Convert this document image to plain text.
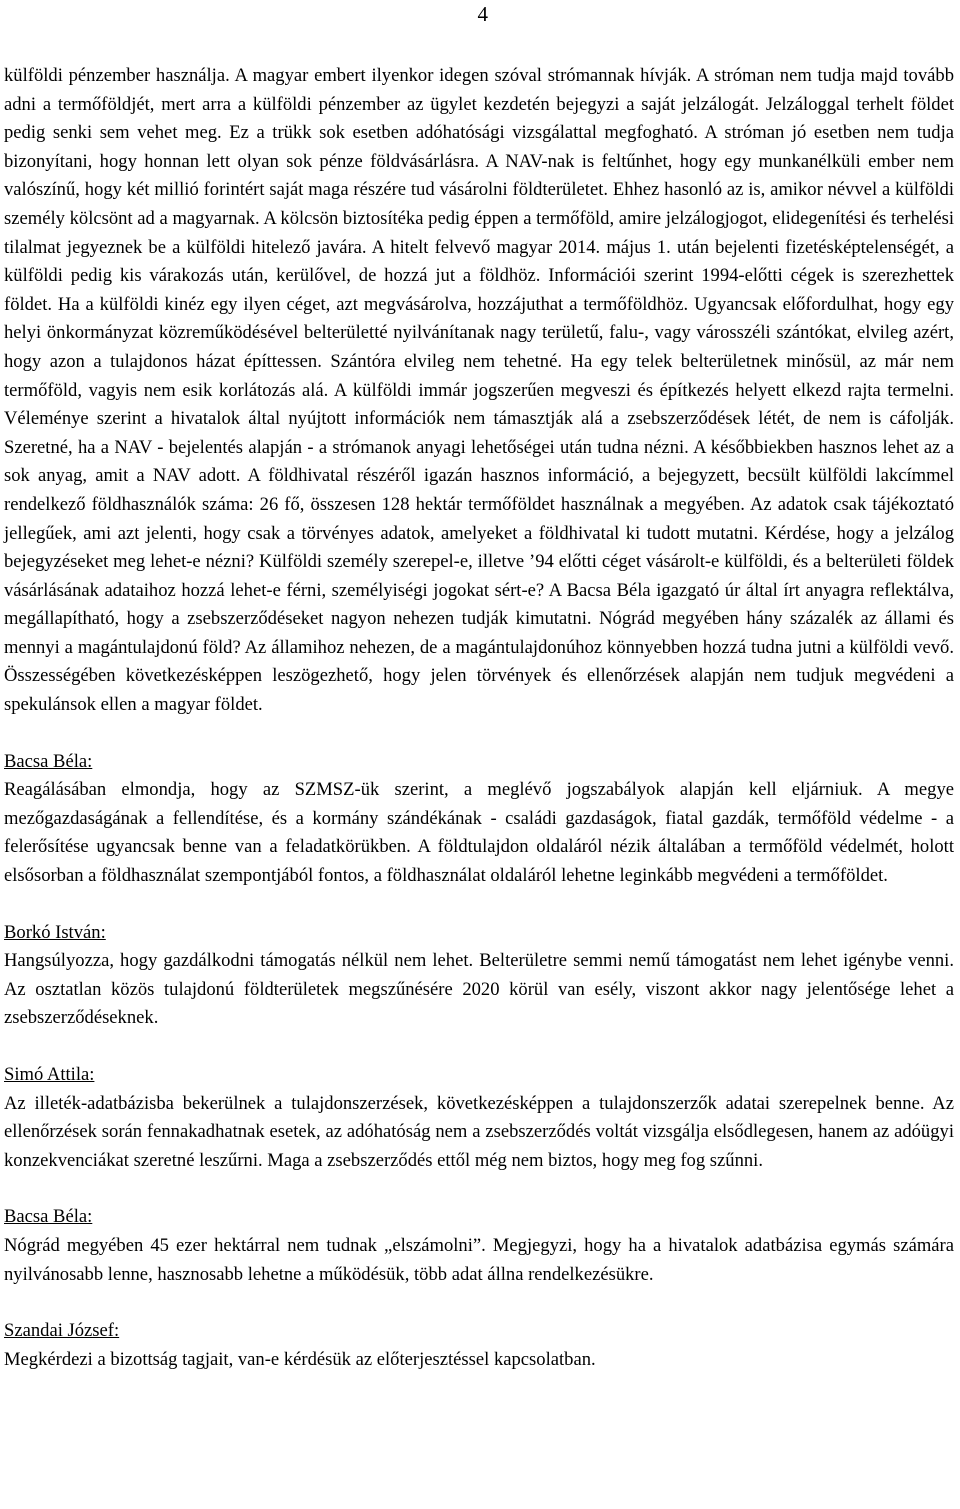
4

külföldi pénzember használja. A magyar embert ilyenkor idegen szóval strómannak hívják. A stróman nem tudja majd tovább adni a termőföldjét, mert arra a külföldi pénzember az ügylet kezdetén bejegyzi a saját jelzálogát. Jelzáloggal terhelt földet pedig senki sem vehet meg. Ez a trükk sok esetben adóhatósági vizsgálattal megfogható. A stróman jó esetben nem tudja bizonyítani, hogy honnan lett olyan sok pénze földvásárlásra. A NAV-nak is feltűnhet, hogy egy munkanélküli ember nem valószínű, hogy két millió forintért saját maga részére tud vásárolni földterületet. Ehhez hasonló az is, amikor névvel a külföldi személy kölcsönt ad a magyarnak. A kölcsön biztosítéka pedig éppen a termőföld, amire jelzálogjogot, elidegenítési és terhelési tilalmat jegyeznek be a külföldi hitelező javára. A hitelt felvevő magyar 2014. május 1. után bejelenti fizetésképtelenségét, a külföldi pedig kis várakozás után, kerülővel, de hozzá jut a földhöz. Információi szerint 1994-előtti cégek is szerezhettek földet. Ha a külföldi kinéz egy ilyen céget, azt megvásárolva, hozzájuthat a termőföldhöz. Ugyancsak előfordulhat, hogy egy helyi önkormányzat közreműködésével belterületté nyilvánítanak nagy területű, falu-, vagy városszéli szántókat, elvileg azért, hogy azon a tulajdonos házat építtessen. Szántóra elvileg nem tehetné. Ha egy telek belterületnek minősül, az már nem termőföld, vagyis nem esik korlátozás alá. A külföldi immár jogszerűen megveszi és építkezés helyett elkezd rajta termelni. Véleménye szerint a hivatalok által nyújtott információk nem támasztják alá a zsebszerződések létét, de nem is cáfolják. Szeretné, ha a NAV - bejelentés alapján - a strómanok anyagi lehetőségei után tudna nézni. A későbbiekben hasznos lehet az a sok anyag, amit a NAV adott. A földhivatal részéről igazán hasznos információ, a bejegyzett, becsült külföldi lakcímmel rendelkező földhasználók száma: 26 fő, összesen 128 hektár termőföldet használnak a megyében. Az adatok csak tájékoztató jellegűek, ami azt jelenti, hogy csak a törvényes adatok, amelyeket a földhivatal ki tudott mutatni. Kérdése, hogy a jelzálog bejegyzéseket meg lehet-e nézni? Külföldi személy szerepel-e, illetve ’94 előtti céget vásárolt-e külföldi, és a belterületi földek vásárlásának adataihoz hozzá lehet-e férni, személyiségi jogokat sért-e? A Bacsa Béla igazgató úr által írt anyagra reflektálva, megállapítható, hogy a zsebszerződéseket nagyon nehezen tudják kimutatni. Nógrád megyében hány százalék az állami és mennyi a magántulajdonú föld? Az államihoz nehezen, de a magántulajdonúhoz könnyebben hozzá tudna jutni a külföldi vevő. Összességében következésképpen leszögezhető, hogy jelen törvények és ellenőrzések alapján nem tudjuk megvédeni a spekulánsok ellen a magyar földet.

Bacsa Béla:

Reagálásában elmondja, hogy az SZMSZ-ük szerint, a meglévő jogszabályok alapján kell eljárniuk. A megye mezőgazdaságának a fellendítése, és a kormány szándékának - családi gazdaságok, fiatal gazdák, termőföld védelme - a felerősítése ugyancsak benne van a feladatkörükben. A földtulajdon oldaláról nézik általában a termőföld védelmét, holott elsősorban a földhasználat szempontjából fontos, a földhasználat oldaláról lehetne leginkább megvédeni a termőföldet.

Borkó István:

Hangsúlyozza, hogy gazdálkodni támogatás nélkül nem lehet. Belterületre semmi nemű támogatást nem lehet igénybe venni. Az osztatlan közös tulajdonú földterületek megszűnésére 2020 körül van esély, viszont akkor nagy jelentősége lehet a zsebszerződéseknek.

Simó Attila:

Az illeték-adatbázisba bekerülnek a tulajdonszerzések, következésképpen a tulajdonszerzők adatai szerepelnek benne. Az ellenőrzések során fennakadhatnak esetek, az adóhatóság nem a zsebszerződés voltát vizsgálja elsődlegesen, hanem az adóügyi konzekvenciákat szeretné leszűrni. Maga a zsebszerződés ettől még nem biztos, hogy meg fog szűnni.

Bacsa Béla:

Nógrád megyében 45 ezer hektárral nem tudnak „elszámolni”. Megjegyzi, hogy ha a hivatalok adatbázisa egymás számára nyilvánosabb lenne, hasznosabb lehetne a működésük, több adat állna rendelkezésükre.

Szandai József:

Megkérdezi a bizottság tagjait, van-e kérdésük az előterjesztéssel kapcsolatban.
